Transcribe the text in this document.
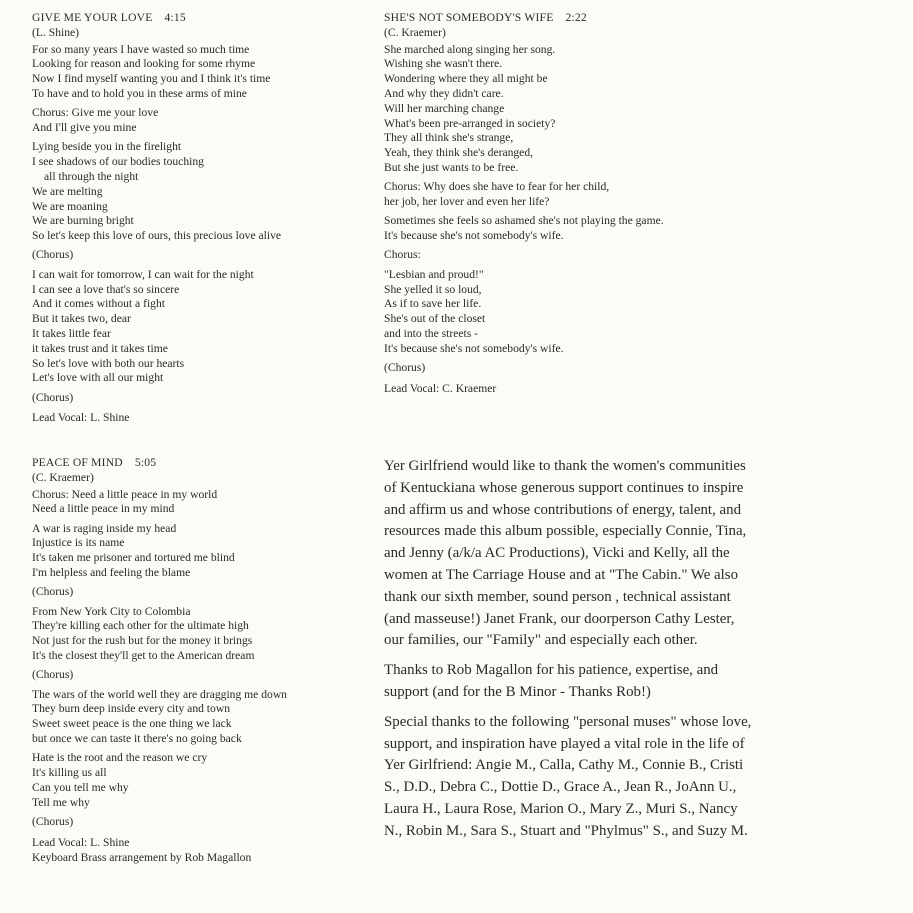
GIVE ME YOUR LOVE 4:15
(L. Shine)
For so many years I have wasted so much time
Looking for reason and looking for some rhyme
Now I find myself wanting you and I think it's time
To have and to hold you in these arms of mine
Chorus: Give me your love
And I'll give you mine
Lying beside you in the firelight
I see shadows of our bodies touching
all through the night
We are melting
We are moaning
We are burning bright
So let's keep this love of ours, this precious love alive
(Chorus)
I can wait for tomorrow, I can wait for the night
I can see a love that's so sincere
And it comes without a fight
But it takes two, dear
It takes little fear
it takes trust and it takes time
So let's love with both our hearts
Let's love with all our might
(Chorus)
Lead Vocal: L. Shine
PEACE OF MIND 5:05
(C. Kraemer)
Chorus: Need a little peace in my world
Need a little peace in my mind
A war is raging inside my head
Injustice is its name
It's taken me prisoner and tortured me blind
I'm helpless and feeling the blame
(Chorus)
From New York City to Colombia
They're killing each other for the ultimate high
Not just for the rush but for the money it brings
It's the closest they'll get to the American dream
(Chorus)
The wars of the world well they are dragging me down
They burn deep inside every city and town
Sweet sweet peace is the one thing we lack
but once we can taste it there's no going back
Hate is the root and the reason we cry
It's killing us all
Can you tell me why
Tell me why
(Chorus)
Lead Vocal: L. Shine
Keyboard Brass arrangement by Rob Magallon
SHE'S NOT SOMEBODY'S WIFE 2:22
(C. Kraemer)
She marched along singing her song.
Wishing she wasn't there.
Wondering where they all might be
And why they didn't care.
Will her marching change
What's been pre-arranged in society?
They all think she's strange,
Yeah, they think she's deranged,
But she just wants to be free.
Chorus: Why does she have to fear for her child,
her job, her lover and even her life?
Sometimes she feels so ashamed she's not playing the game.
It's because she's not somebody's wife.
Chorus:
"Lesbian and proud!"
She yelled it so loud,
As if to save her life.
She's out of the closet
and into the streets -
It's because she's not somebody's wife.
(Chorus)
Lead Vocal: C. Kraemer

Yer Girlfriend would like to thank the women's communities
of Kentuckiana whose generous support continues to inspire
and affirm us and whose contributions of energy, talent, and
resources made this album possible, especially Connie, Tina,
and Jenny (a/k/a AC Productions), Vicki and Kelly, all the
women at The Carriage House and at "The Cabin." We also
thank our sixth member, sound person , technical assistant
(and masseuse!) Janet Frank, our doorperson Cathy Lester,
our families, our "Family" and especially each other.

Thanks to Rob Magallon for his patience, expertise, and
support (and for the B Minor - Thanks Rob!)

Special thanks to the following "personal muses" whose love,
support, and inspiration have played a vital role in the life of
Yer Girlfriend: Angie M., Calla, Cathy M., Connie B., Cristi
S., D.D., Debra C., Dottie D., Grace A., Jean R., JoAnn U.,
Laura H., Laura Rose, Marion O., Mary Z., Muri S., Nancy
N., Robin M., Sara S., Stuart and "Phylmus" S., and Suzy M.
